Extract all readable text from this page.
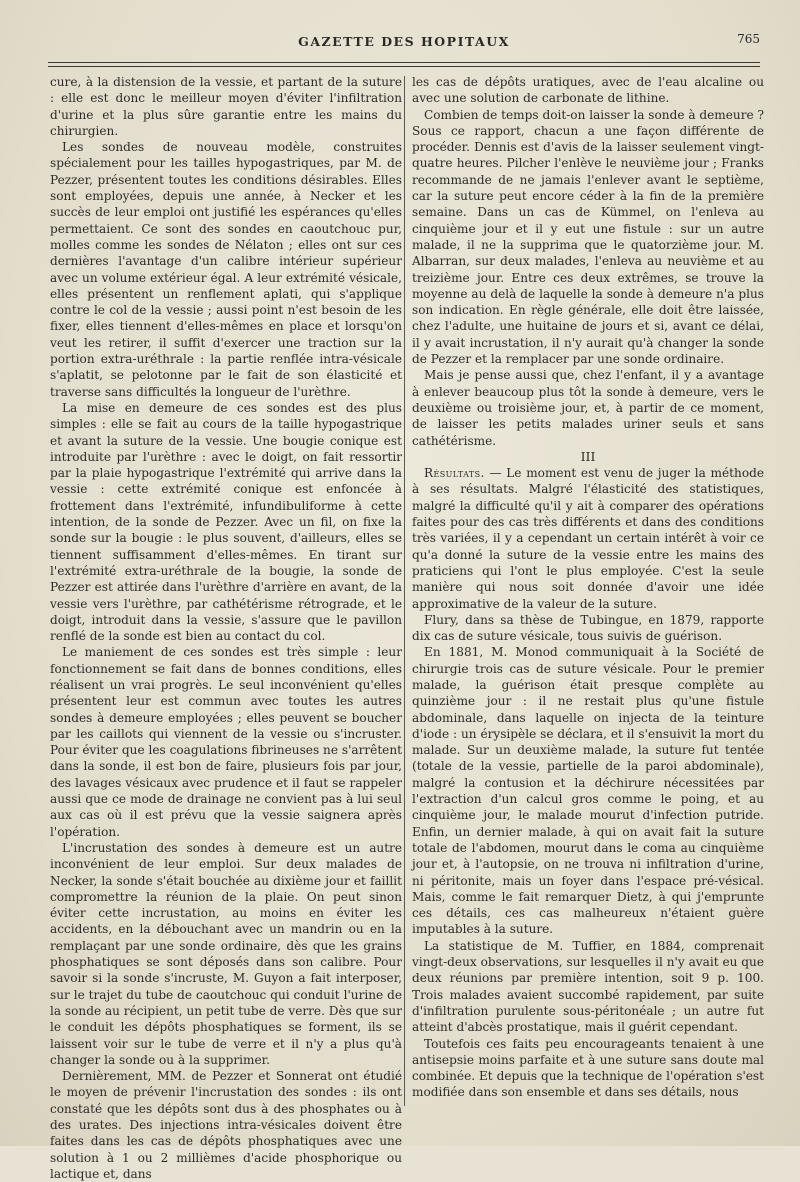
GAZETTE DES HOPITAUX	765

cure, à la distension de la vessie, et partant de la suture : elle est donc le meilleur moyen d'éviter l'infiltration d'urine et la plus sûre garantie entre les mains du chirurgien.

Les sondes de nouveau modèle, construites spécialement pour les tailles hypogastriques, par M. de Pezzer, présentent toutes les conditions désirables. Elles sont employées, depuis une année, à Necker et les succès de leur emploi ont justifié les espérances qu'elles permettaient. Ce sont des sondes en caoutchouc pur, molles comme les sondes de Nélaton ; elles ont sur ces dernières l'avantage d'un calibre intérieur supérieur avec un volume extérieur égal. A leur extrémité vésicale, elles présentent un renflement aplati, qui s'applique contre le col de la vessie ; aussi point n'est besoin de les fixer, elles tiennent d'elles-mêmes en place et lorsqu'on veut les retirer, il suffit d'exercer une traction sur la portion extra-uréthrale : la partie renflée intra-vésicale s'aplatit, se pelotonne par le fait de son élasticité et traverse sans difficultés la longueur de l'urèthre.

La mise en demeure de ces sondes est des plus simples : elle se fait au cours de la taille hypogastrique et avant la suture de la vessie. Une bougie conique est introduite par l'urèthre : avec le doigt, on fait ressortir par la plaie hypogastrique l'extrémité qui arrive dans la vessie : cette extrémité conique est enfoncée à frottement dans l'extrémité, infundibuliforme à cette intention, de la sonde de Pezzer. Avec un fil, on fixe la sonde sur la bougie : le plus souvent, d'ailleurs, elles se tiennent suffisamment d'elles-mêmes. En tirant sur l'extrémité extra-uréthrale de la bougie, la sonde de Pezzer est attirée dans l'urèthre d'arrière en avant, de la vessie vers l'urèthre, par cathétérisme rétrograde, et le doigt, introduit dans la vessie, s'assure que le pavillon renflé de la sonde est bien au contact du col.

Le maniement de ces sondes est très simple : leur fonctionnement se fait dans de bonnes conditions, elles réalisent un vrai progrès. Le seul inconvénient qu'elles présentent leur est commun avec toutes les autres sondes à demeure employées ; elles peuvent se boucher par les caillots qui viennent de la vessie ou s'incruster. Pour éviter que les coagulations fibrineuses ne s'arrêtent dans la sonde, il est bon de faire, plusieurs fois par jour, des lavages vésicaux avec prudence et il faut se rappeler aussi que ce mode de drainage ne convient pas à lui seul aux cas où il est prévu que la vessie saignera après l'opération.

L'incrustation des sondes à demeure est un autre inconvénient de leur emploi. Sur deux malades de Necker, la sonde s'était bouchée au dixième jour et faillit compromettre la réunion de la plaie. On peut sinon éviter cette incrustation, au moins en éviter les accidents, en la débouchant avec un mandrin ou en la remplaçant par une sonde ordinaire, dès que les grains phosphatiques se sont déposés dans son calibre. Pour savoir si la sonde s'incruste, M. Guyon a fait interposer, sur le trajet du tube de caoutchouc qui conduit l'urine de la sonde au récipient, un petit tube de verre. Dès que sur le conduit les dépôts phosphatiques se forment, ils se laissent voir sur le tube de verre et il n'y a plus qu'à changer la sonde ou à la supprimer.

Dernièrement, MM. de Pezzer et Sonnerat ont étudié le moyen de prévenir l'incrustation des sondes : ils ont constaté que les dépôts sont dus à des phosphates ou à des urates. Des injections intra-vésicales doivent être faites dans les cas de dépôts phosphatiques avec une solution à 1 ou 2 millièmes d'acide phosphorique ou lactique et, dans

les cas de dépôts uratiques, avec de l'eau alcaline ou avec une solution de carbonate de lithine.

Combien de temps doit-on laisser la sonde à demeure ? Sous ce rapport, chacun a une façon différente de procéder. Dennis est d'avis de la laisser seulement vingt-quatre heures. Pilcher l'enlève le neuvième jour ; Franks recommande de ne jamais l'enlever avant le septième, car la suture peut encore céder à la fin de la première semaine. Dans un cas de Kümmel, on l'enleva au cinquième jour et il y eut une fistule : sur un autre malade, il ne la supprima que le quatorzième jour. M. Albarran, sur deux malades, l'enleva au neuvième et au treizième jour. Entre ces deux extrêmes, se trouve la moyenne au delà de laquelle la sonde à demeure n'a plus son indication. En règle générale, elle doit être laissée, chez l'adulte, une huitaine de jours et si, avant ce délai, il y avait incrustation, il n'y aurait qu'à changer la sonde de Pezzer et la remplacer par une sonde ordinaire.

Mais je pense aussi que, chez l'enfant, il y a avantage à enlever beaucoup plus tôt la sonde à demeure, vers le deuxième ou troisième jour, et, à partir de ce moment, de laisser les petits malades uriner seuls et sans cathétérisme.

III

Résultats. — Le moment est venu de juger la méthode à ses résultats. Malgré l'élasticité des statistiques, malgré la difficulté qu'il y ait à comparer des opérations faites pour des cas très différents et dans des conditions très variées, il y a cependant un certain intérêt à voir ce qu'a donné la suture de la vessie entre les mains des praticiens qui l'ont le plus employée. C'est la seule manière qui nous soit donnée d'avoir une idée approximative de la valeur de la suture.

Flury, dans sa thèse de Tubingue, en 1879, rapporte dix cas de suture vésicale, tous suivis de guérison.

En 1881, M. Monod communiquait à la Société de chirurgie trois cas de suture vésicale. Pour le premier malade, la guérison était presque complète au quinzième jour : il ne restait plus qu'une fistule abdominale, dans laquelle on injecta de la teinture d'iode : un érysipèle se déclara, et il s'ensuivit la mort du malade. Sur un deuxième malade, la suture fut tentée (totale de la vessie, partielle de la paroi abdominale), malgré la contusion et la déchirure nécessitées par l'extraction d'un calcul gros comme le poing, et au cinquième jour, le malade mourut d'infection putride. Enfin, un dernier malade, à qui on avait fait la suture totale de l'abdomen, mourut dans le coma au cinquième jour et, à l'autopsie, on ne trouva ni infiltration d'urine, ni péritonite, mais un foyer dans l'espace pré-vésical. Mais, comme le fait remarquer Dietz, à qui j'emprunte ces détails, ces cas malheureux n'étaient guère imputables à la suture.

La statistique de M. Tuffier, en 1884, comprenait vingt-deux observations, sur lesquelles il n'y avait eu que deux réunions par première intention, soit 9 p. 100. Trois malades avaient succombé rapidement, par suite d'infiltration purulente sous-péritonéale ; un autre fut atteint d'abcès prostatique, mais il guérit cependant.

Toutefois ces faits peu encourageants tenaient à une antisepsie moins parfaite et à une suture sans doute mal combinée. Et depuis que la technique de l'opération s'est modifiée dans son ensemble et dans ses détails, nous
